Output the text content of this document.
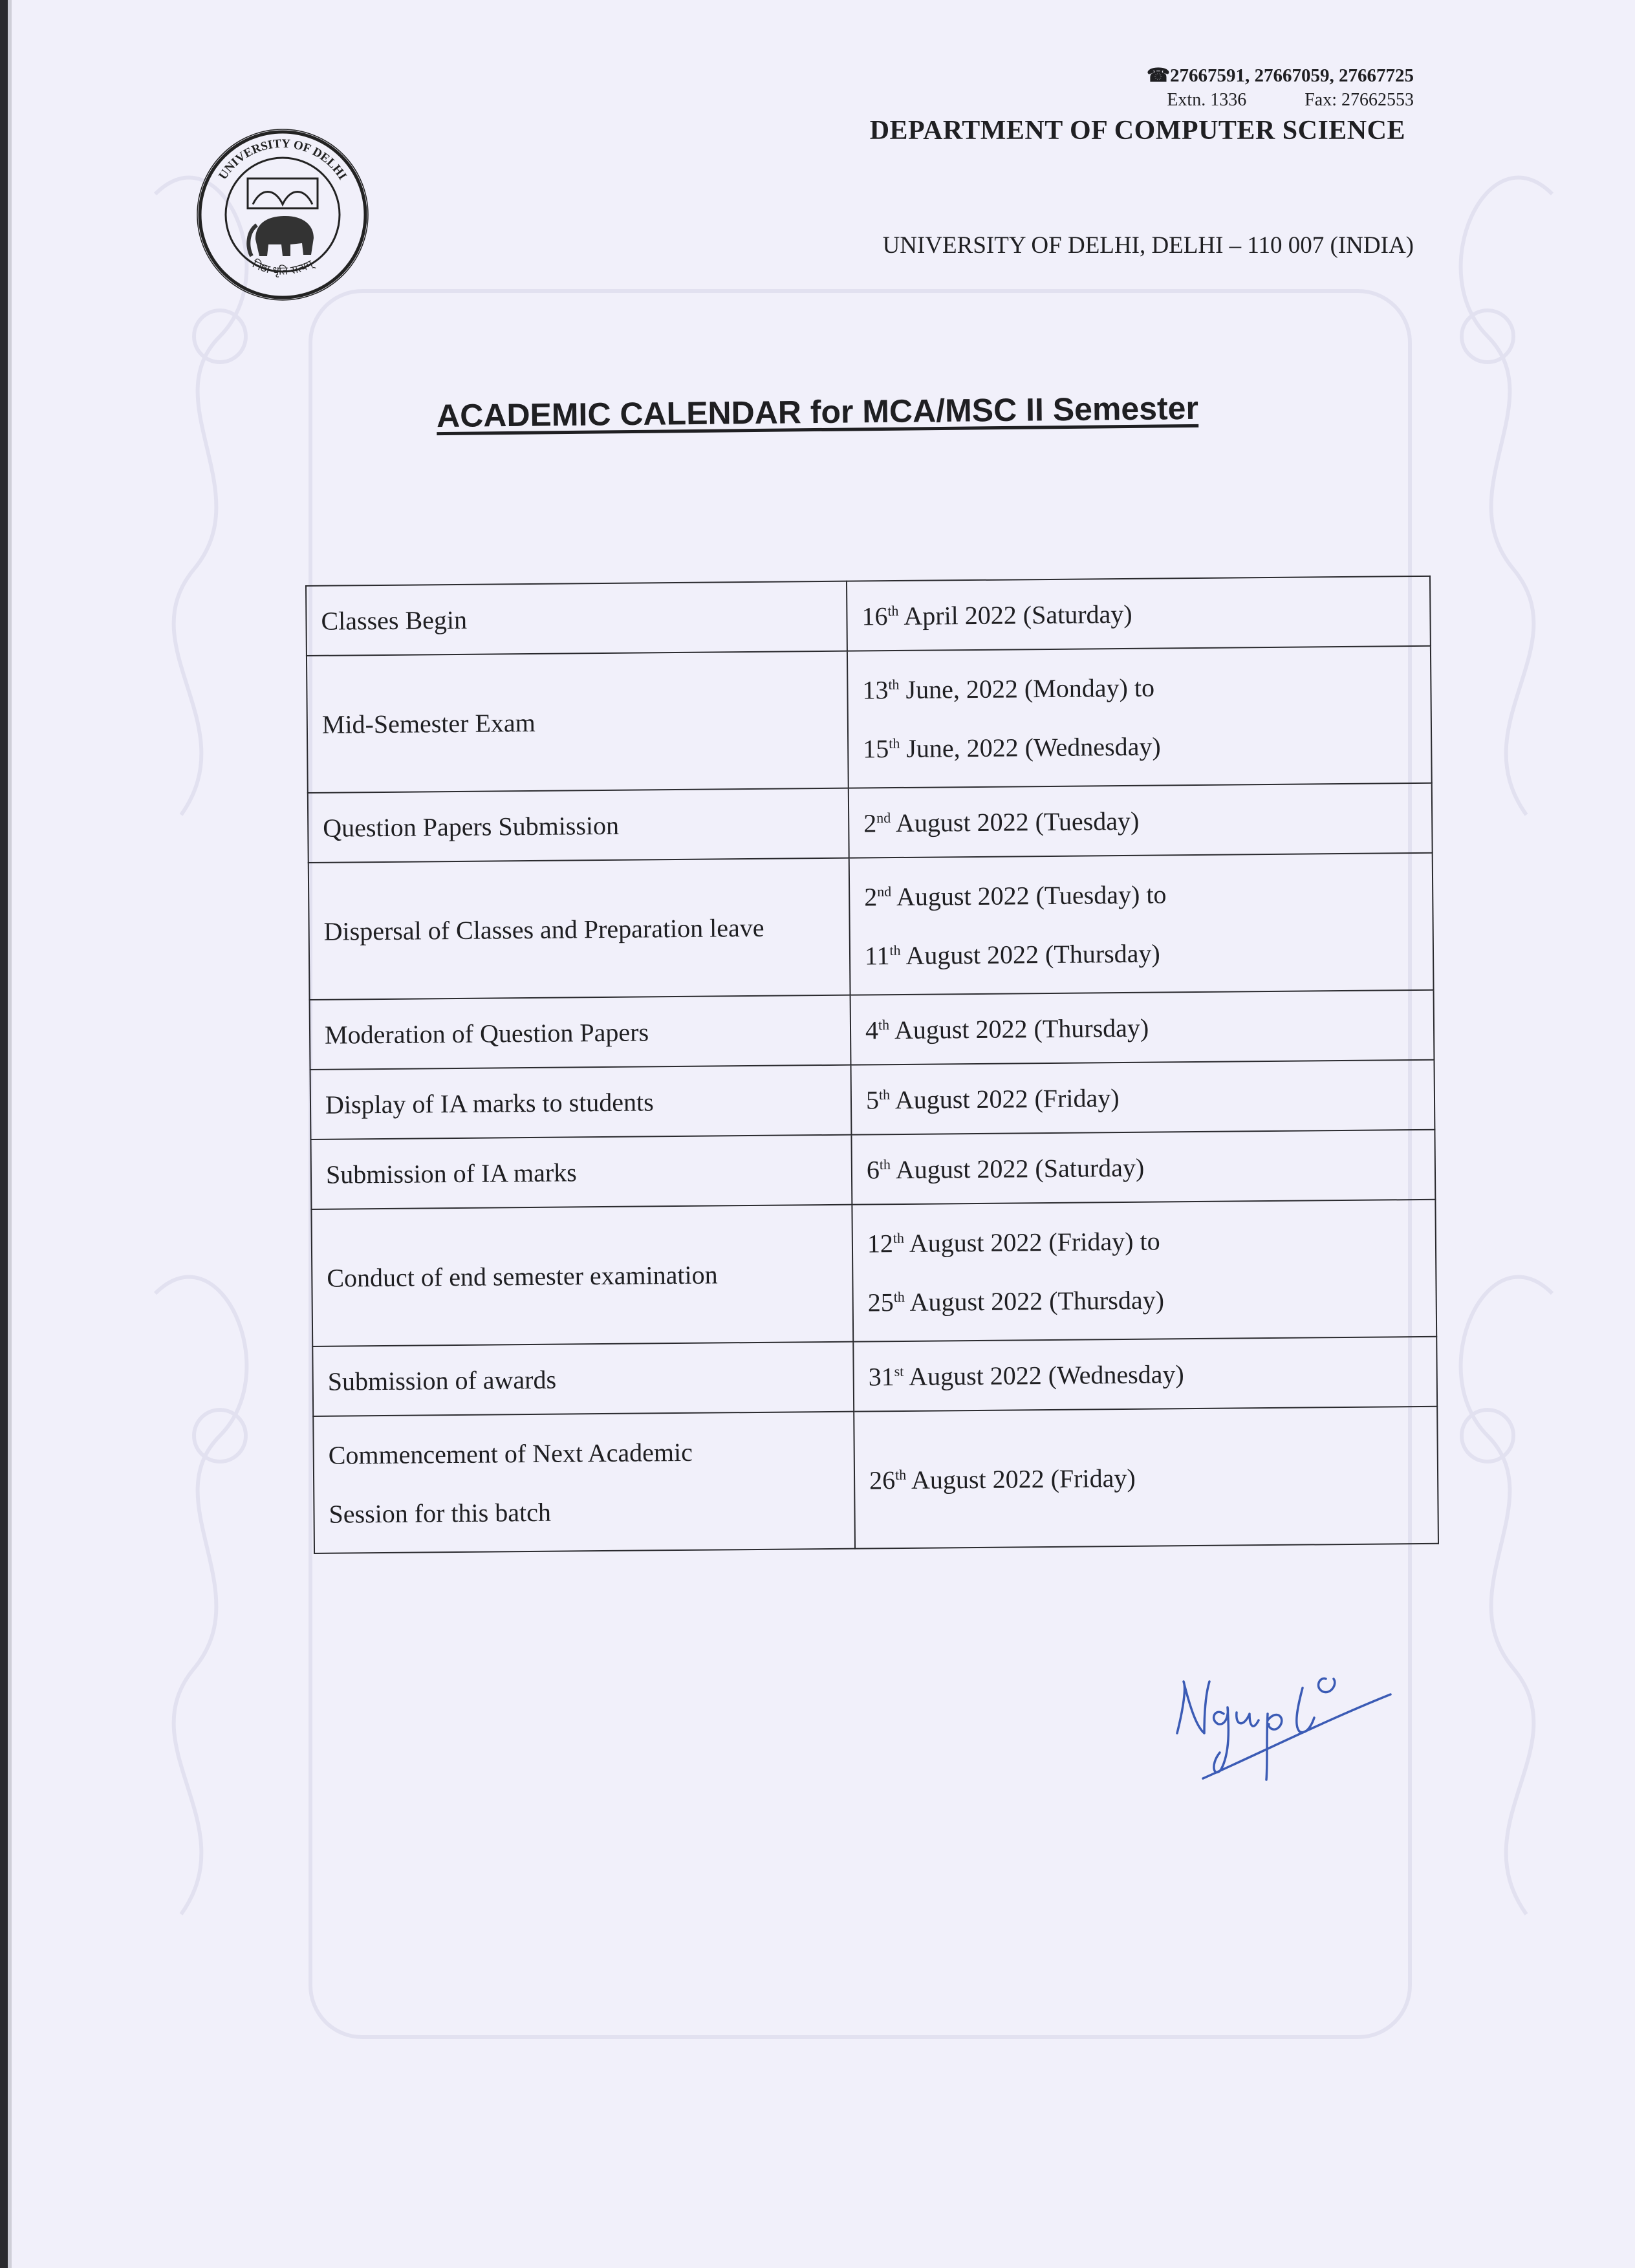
UNIVERSITY OF DELHI
निष्ठा धृति सत्यम्
☎27667591, 27667059, 27667725
Extn. 1336	Fax: 27662553
DEPARTMENT OF COMPUTER SCIENCE
UNIVERSITY OF DELHI, DELHI – 110 007 (INDIA)
ACADEMIC CALENDAR for MCA/MSC II Semester
Classes Begin	16th April 2022 (Saturday)

Mid-Semester Exam	13th June, 2022 (Monday) to
15th June, 2022 (Wednesday)

Question Papers Submission	2nd August 2022 (Tuesday)

Dispersal of Classes and Preparation leave	2nd August 2022 (Tuesday) to
11th August 2022 (Thursday)

Moderation of Question Papers	4th August 2022 (Thursday)

Display of IA marks to students	5th August 2022 (Friday)

Submission of IA marks	6th August 2022 (Saturday)

Conduct of end semester examination	12th August 2022 (Friday) to
25th August 2022 (Thursday)

Submission of awards	31st August 2022 (Wednesday)

Commencement of Next Academic
Session for this batch	26th August 2022 (Friday)
